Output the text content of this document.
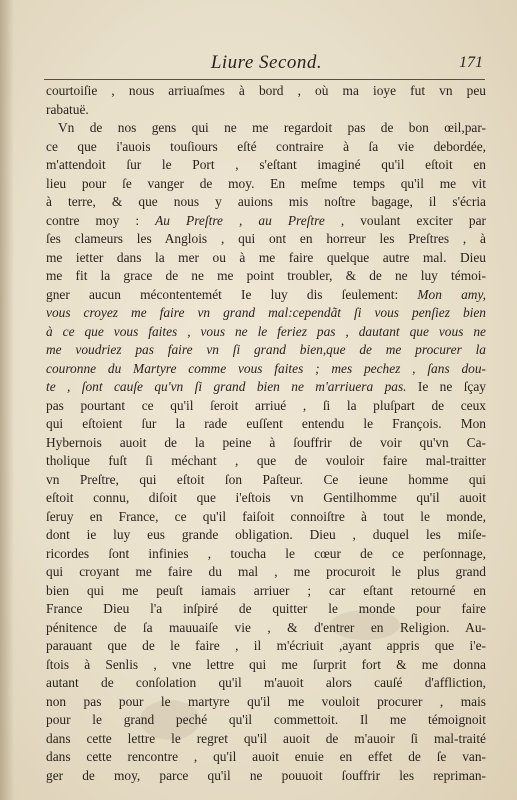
Liure Second.	171
courtoiſie , nous arriuaſmes à bord , où ma ioye fut vn peu
rabatuë.
Vn de nos gens qui ne me regardoit pas de bon œil,par-
ce que i'auois touſiours eſté contraire à ſa vie debordée,
m'attendoit ſur le Port , s'eſtant imaginé qu'il eſtoit en
lieu pour ſe vanger de moy. En meſme temps qu'il me vit
à terre, & que nous y auions mis noſtre bagage, il s'écria
contre moy : Au Preſtre , au Preſtre , voulant exciter par
ſes clameurs les Anglois , qui ont en horreur les Preſtres , à
me ietter dans la mer ou à me faire quelque autre mal. Dieu
me fit la grace de ne me point troubler, & de ne luy témoi-
gner aucun mécontentemét Ie luy dis ſeulement: Mon amy,
vous croyez me faire vn grand mal:cependãt ſi vous penſiez bien
à ce que vous faites , vous ne le feriez pas , dautant que vous ne
me voudriez pas faire vn ſi grand bien,que de me procurer la
couronne du Martyre comme vous faites ; mes pechez , ſans dou-
te , ſont cauſe qu'vn ſi grand bien ne m'arriuera pas. Ie ne ſçay
pas pourtant ce qu'il ſeroit arriué , ſi la pluſpart de ceux
qui eſtoient ſur la rade euſſent entendu le François. Mon
Hybernois auoit de la peine à ſouffrir de voir qu'vn Ca-
tholique fuſt ſi méchant , que de vouloir faire mal-traitter
vn Preſtre, qui eſtoit ſon Paſteur. Ce ieune homme qui
eſtoit connu, diſoit que i'eſtois vn Gentilhomme qu'il auoit
ſeruy en France, ce qu'il faiſoit connoiſtre à tout le monde,
dont ie luy eus grande obligation. Dieu , duquel les miſe-
ricordes ſont infinies , toucha le cœur de ce perſonnage,
qui croyant me faire du mal , me procuroit le plus grand
bien qui me peuſt iamais arriuer ; car eſtant retourné en
France Dieu l'a inſpiré de quitter le monde pour faire
pénitence de ſa mauuaiſe vie , & d'entrer en Religion. Au-
parauant que de le faire , il m'écriuit ,ayant appris que i'e-
ſtois à Senlis , vne lettre qui me ſurprit fort & me donna
autant de conſolation qu'il m'auoit alors cauſé d'affliction,
non pas pour le martyre qu'il me vouloit procurer , mais
pour le grand peché qu'il commettoit. Il me témoignoit
dans cette lettre le regret qu'il auoit de m'auoir ſi mal-traité
dans cette rencontre , qu'il auoit enuie en effet de ſe van-
ger de moy, parce qu'il ne pouuoit ſouffrir les repriman-
